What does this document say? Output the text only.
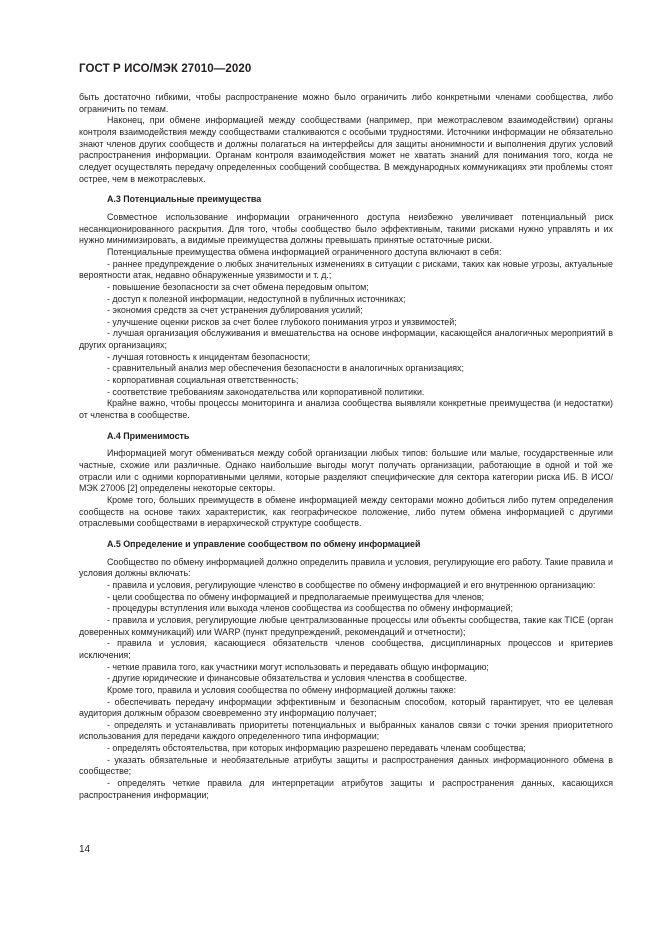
ГОСТ Р ИСО/МЭК 27010—2020

быть достаточно гибкими, чтобы распространение можно было ограничить либо конкретными членами сообщества, либо ограничить по темам.

Наконец, при обмене информацией между сообществами (например, при межотраслевом взаимодействии) органы контроля взаимодействия между сообществами сталкиваются с особыми трудностями. Источники информации не обязательно знают членов других сообществ и должны полагаться на интерфейсы для защиты анонимности и выполнения других условий распространения информации. Органам контроля взаимодействия может не хватать знаний для понимания того, когда не следует осуществлять передачу определенных сообщений сообщества. В международных коммуникациях эти проблемы стоят острее, чем в межотраслевых.

А.3 Потенциальные преимущества

Совместное использование информации ограниченного доступа неизбежно увеличивает потенциальный риск несанкционированного раскрытия. Для того, чтобы сообщество было эффективным, такими рисками нужно управлять и их нужно минимизировать, а видимые преимущества должны превышать принятые остаточные риски.

Потенциальные преимущества обмена информацией ограниченного доступа включают в себя:

- раннее предупреждение о любых значительных изменениях в ситуации с рисками, таких как новые угрозы, актуальные вероятности атак, недавно обнаруженные уязвимости и т. д.;

- повышение безопасности за счет обмена передовым опытом;

- доступ к полезной информации, недоступной в публичных источниках;

- экономия средств за счет устранения дублирования усилий;

- улучшение оценки рисков за счет более глубокого понимания угроз и уязвимостей;

- лучшая организация обслуживания и вмешательства на основе информации, касающейся аналогичных мероприятий в других организациях;

- лучшая готовность к инцидентам безопасности;

- сравнительный анализ мер обеспечения безопасности в аналогичных организациях;

- корпоративная социальная ответственность;

- соответствие требованиям законодательства или корпоративной политики.

Крайне важно, чтобы процессы мониторинга и анализа сообщества выявляли конкретные преимущества (и недостатки) от членства в сообществе.

А.4 Применимость

Информацией могут обмениваться между собой организации любых типов: большие или малые, государственные или частные, схожие или различные. Однако наибольшие выгоды могут получать организации, работающие в одной и той же отрасли или с одними корпоративными целями, которые разделяют специфические для сектора категории риска ИБ. В ИСО/МЭК 27006 [2] определены некоторые секторы.

Кроме того, больших преимуществ в обмене информацией между секторами можно добиться либо путем определения сообществ на основе таких характеристик, как географическое положение, либо путем обмена информацией с другими отраслевыми сообществами в иерархической структуре сообществ.

А.5 Определение и управление сообществом по обмену информацией

Сообщество по обмену информацией должно определить правила и условия, регулирующие его работу. Такие правила и условия должны включать:

- правила и условия, регулирующие членство в сообществе по обмену информацией и его внутреннюю организацию:

- цели сообщества по обмену информацией и предполагаемые преимущества для членов;

- процедуры вступления или выхода членов сообщества из сообщества по обмену информацией;

- правила и условия, регулирующие любые централизованные процессы или объекты сообщества, такие как TICE (орган доверенных коммуникаций) или WARP (пункт предупреждений, рекомендаций и отчетности);

- правила и условия, касающиеся обязательств членов сообщества, дисциплинарных процессов и критериев исключения;

- четкие правила того, как участники могут использовать и передавать общую информацию;

- другие юридические и финансовые обязательства и условия членства в сообществе.

Кроме того, правила и условия сообщества по обмену информацией должны также:

- обеспечивать передачу информации эффективным и безопасным способом, который гарантирует, что ее целевая аудитория должным образом своевременно эту информацию получает;

- определять и устанавливать приоритеты потенциальных и выбранных каналов связи с точки зрения приоритетного использования для передачи каждого определенного типа информации;

- определять обстоятельства, при которых информацию разрешено передавать членам сообщества;

- указать обязательные и необязательные атрибуты защиты и распространения данных информационного обмена в сообществе;

- определять четкие правила для интерпретации атрибутов защиты и распространения данных, касающихся распространения информации;

14
